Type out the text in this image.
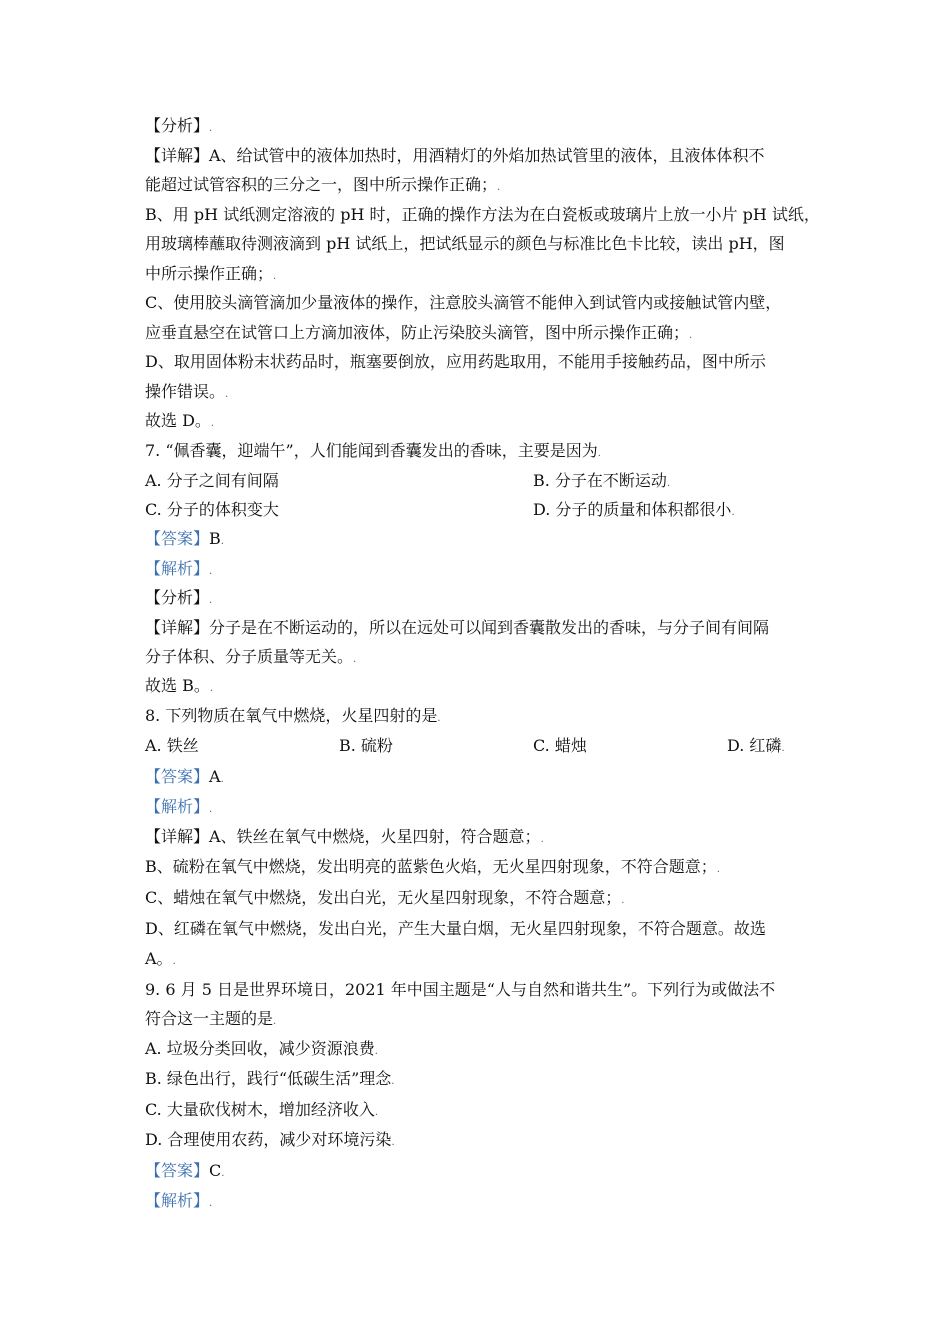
【分析】.
【详解】A、给试管中的液体加热时，用酒精灯的外焰加热试管里的液体，且液体体积不
能超过试管容积的三分之一，图中所示操作正确；.
B、用 pH 试纸测定溶液的 pH 时，正确的操作方法为在白瓷板或玻璃片上放一小片 pH 试纸，
用玻璃棒蘸取待测液滴到 pH 试纸上，把试纸显示的颜色与标准比色卡比较，读出 pH，图
中所示操作正确；.
C、使用胶头滴管滴加少量液体的操作，注意胶头滴管不能伸入到试管内或接触试管内壁，
应垂直悬空在试管口上方滴加液体，防止污染胶头滴管，图中所示操作正确；.
D、取用固体粉末状药品时，瓶塞要倒放，应用药匙取用，不能用手接触药品，图中所示
操作错误。.
故选 D。.
7. “佩香囊，迎端午”，人们能闻到香囊发出的香味，主要是因为.
A. 分子之间有间隔	B. 分子在不断运动.
C. 分子的体积变大	D. 分子的质量和体积都很小.
【答案】B.
【解析】.
【分析】.
【详解】分子是在不断运动的，所以在远处可以闻到香囊散发出的香味，与分子间有间隔
分子体积、分子质量等无关。.
故选 B。.
8. 下列物质在氧气中燃烧，火星四射的是.
A. 铁丝	B. 硫粉	C. 蜡烛	D. 红磷.
【答案】A.
【解析】.
【详解】A、铁丝在氧气中燃烧，火星四射，符合题意；.
B、硫粉在氧气中燃烧，发出明亮的蓝紫色火焰，无火星四射现象，不符合题意；.
C、蜡烛在氧气中燃烧，发出白光，无火星四射现象，不符合题意；.
D、红磷在氧气中燃烧，发出白光，产生大量白烟，无火星四射现象，不符合题意。故选
A。.
9. 6 月 5 日是世界环境日，2021 年中国主题是“人与自然和谐共生”。下列行为或做法不
符合这一主题的是.
A. 垃圾分类回收，减少资源浪费.
B. 绿色出行，践行“低碳生活”理念.
C. 大量砍伐树木，增加经济收入.
D. 合理使用农药，减少对环境污染.
【答案】C.
【解析】.
